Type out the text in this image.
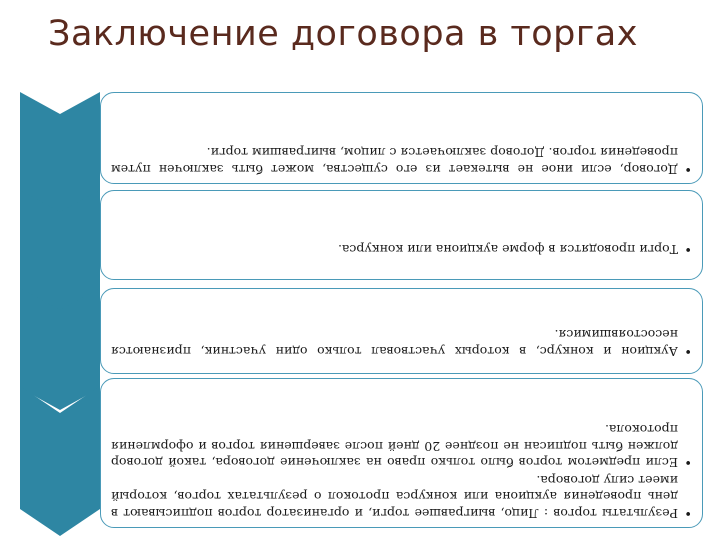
Заключение договора в торгах
•
Договор, если иное не вытекает из его существа, может быть заключен путем проведения торгов. Договор заключается с лицом, выигравшим торги.
•
Торги проводятся в форме аукциона или конкурса.
•
Аукцион и конкурс, в которых участвовал только один участник, признаются несостоявшимися.
•
Результаты торгов : Лицо, выигравшее торги, и организатор торгов подписывают в день проведения аукциона или конкурса протокол о результатах торгов, который имеет силу договора.
•
Если предметом торгов было только право на заключение договора, такой договор должен быть подписан не позднее 20 дней после завершения торгов и оформления протокола.
